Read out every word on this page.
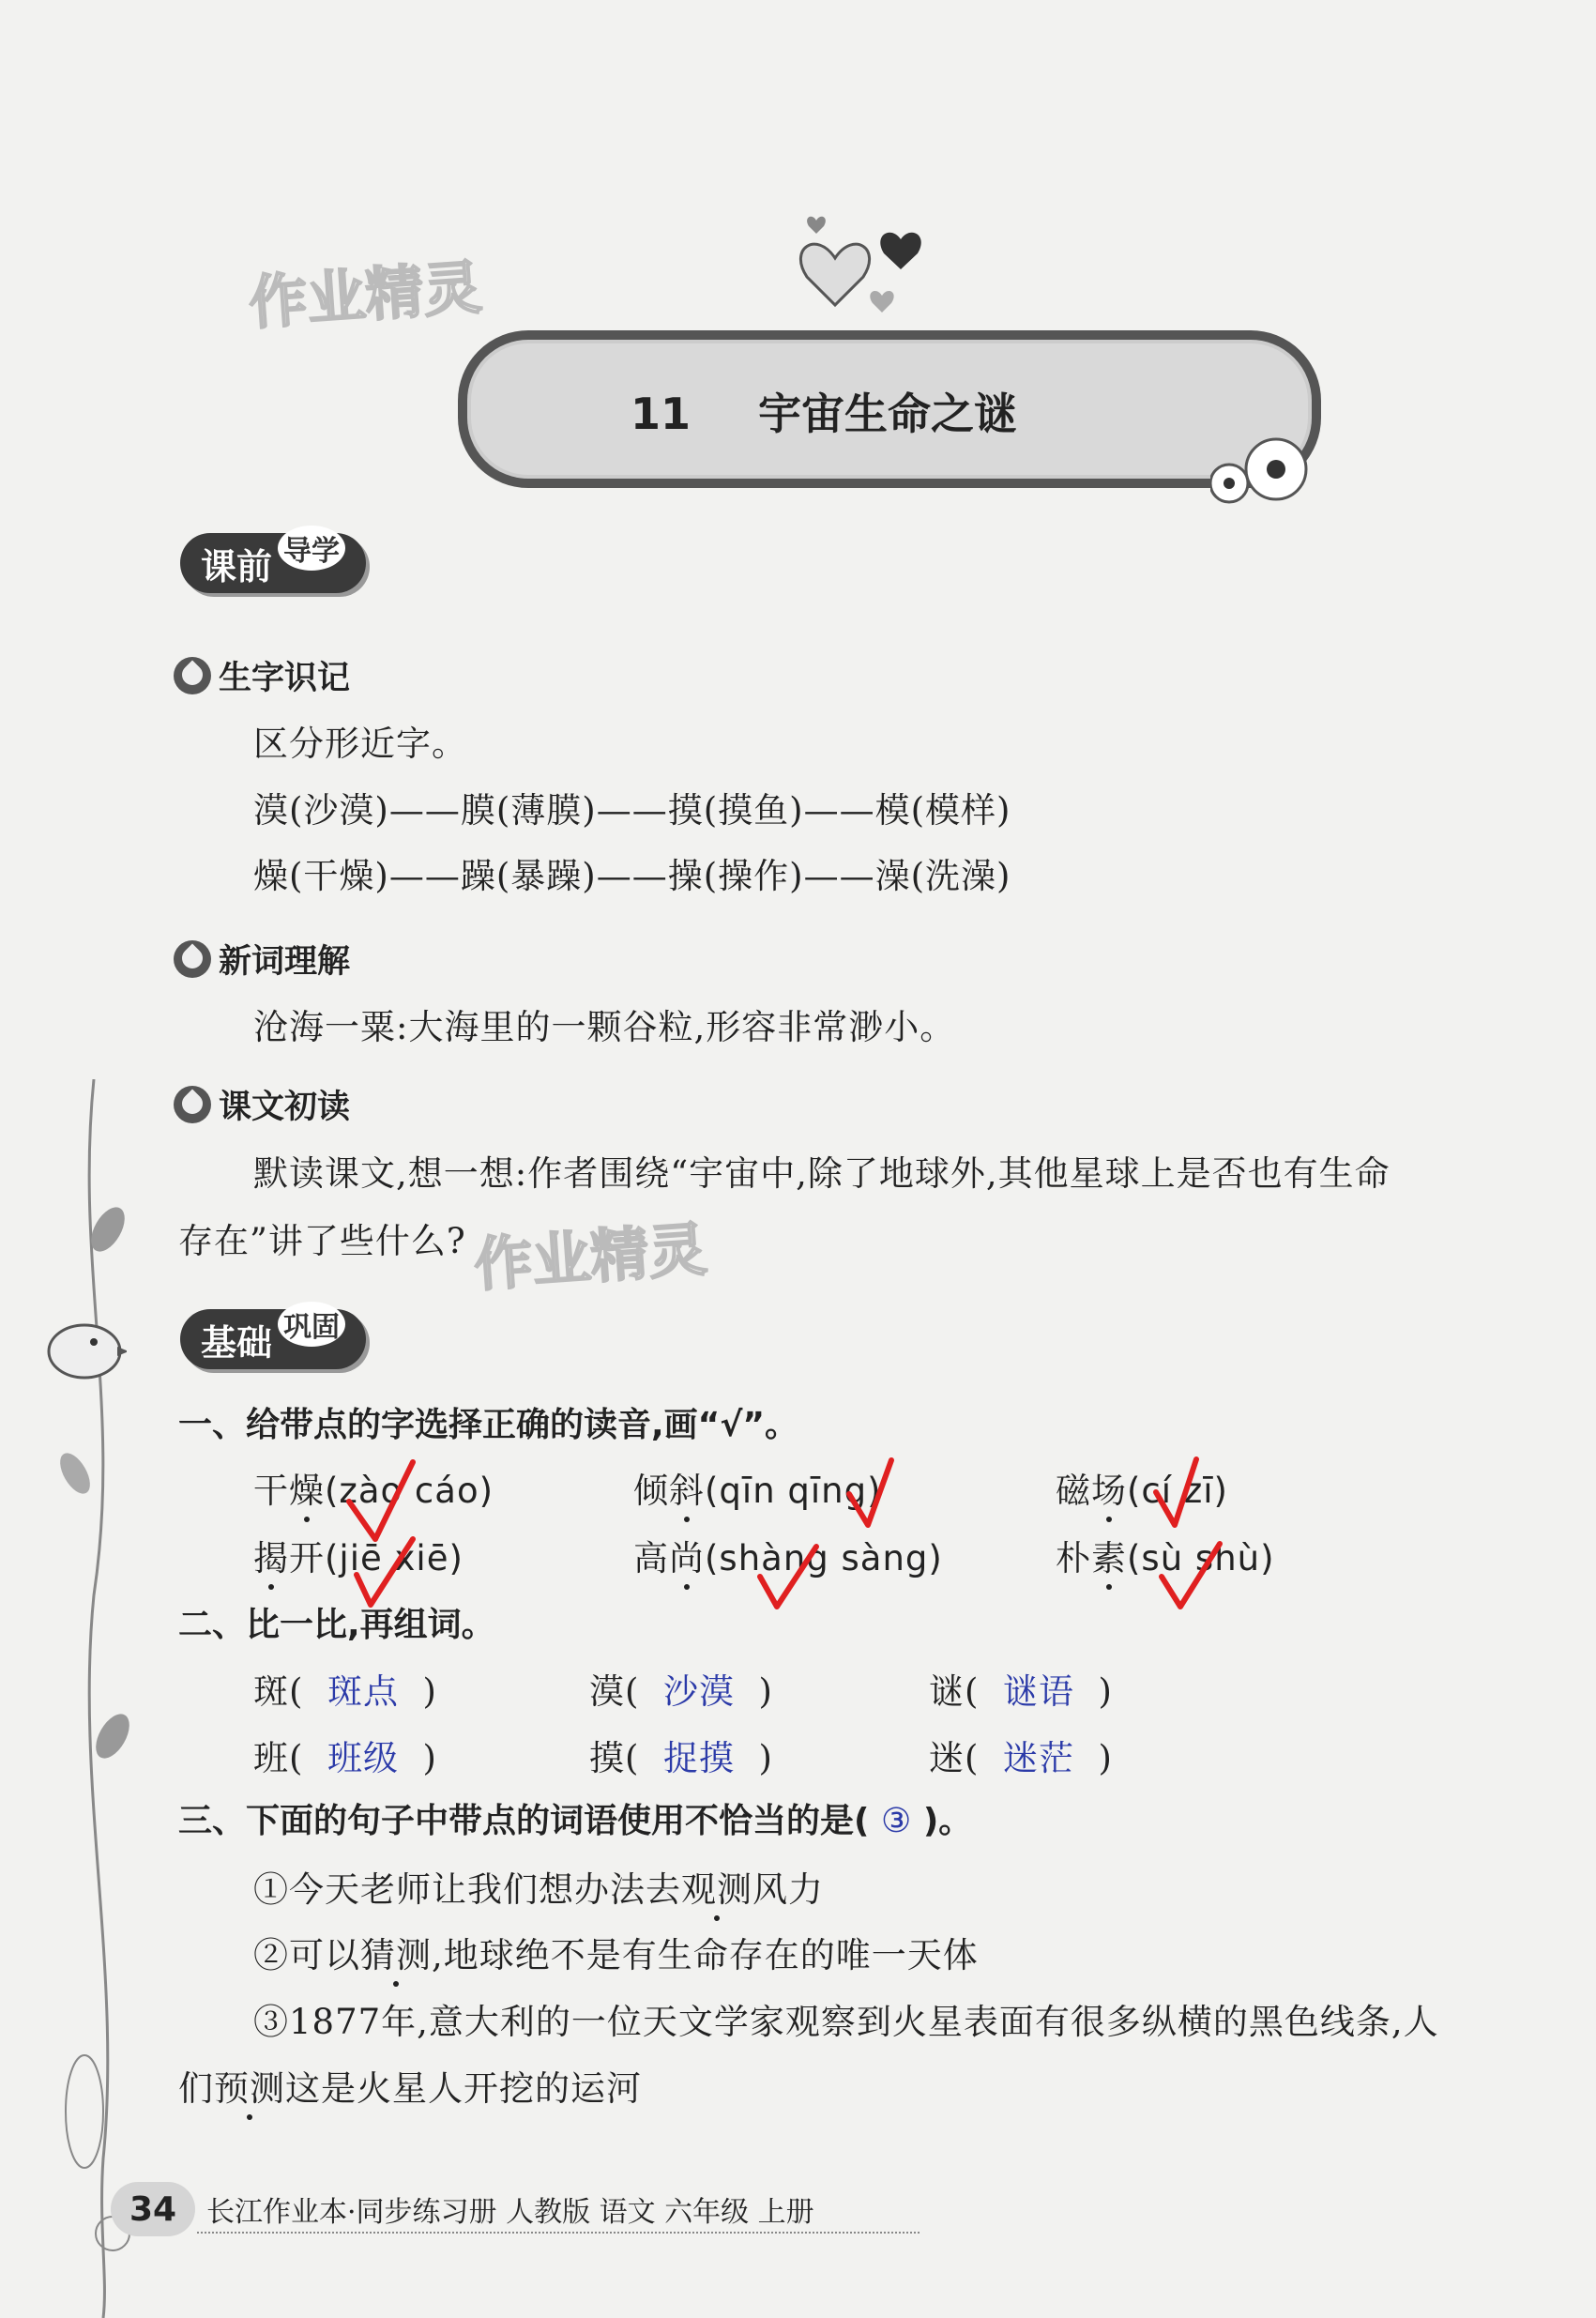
11 宇宙生命之谜
作业精灵
作业精灵
课前 导学
生字识记
区分形近字。
漠(沙漠)——膜(薄膜)——摸(摸鱼)——模(模样)
燥(干燥)——躁(暴躁)——操(操作)——澡(洗澡)
新词理解
沧海一粟:大海里的一颗谷粒,形容非常渺小。
课文初读
默读课文,想一想:作者围绕“宇宙中,除了地球外,其他星球上是否也有生命
存在”讲了些什么?
基础 巩固
一、给带点的字选择正确的读音,画“√”。
干燥(zào cáo)	倾斜(qīn qīng)	磁场(cí zī)
揭开(jiē xiē)	高尚(shàng sàng)	朴素(sù shù)
二、比一比,再组词。
斑(  斑点  )	漠(  沙漠  )	谜(  谜语  )
班(  班级  )	摸(  捉摸  )	迷(  迷茫  )
三、下面的句子中带点的词语使用不恰当的是( ③ )。
①今天老师让我们想办法去观测风力
②可以猜测,地球绝不是有生命存在的唯一天体
③1877年,意大利的一位天文学家观察到火星表面有很多纵横的黑色线条,人
们预测这是火星人开挖的运河
34 长江作业本·同步练习册 人教版 语文 六年级 上册
